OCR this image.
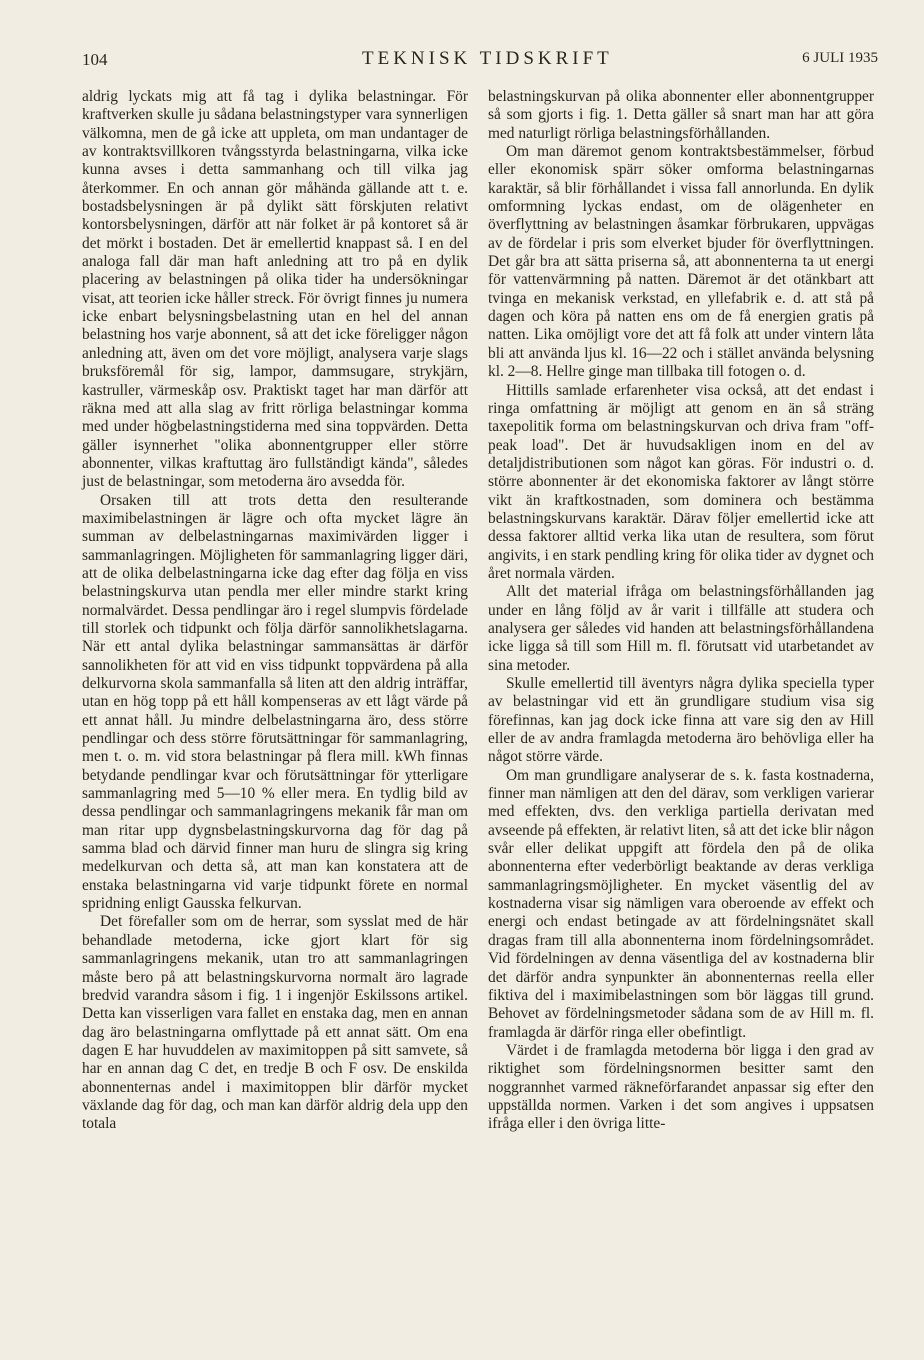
104	TEKNISK TIDSKRIFT	6 JULI 1935

aldrig lyckats mig att få tag i dylika belastningar. För kraftverken skulle ju sådana belastningstyper vara synnerligen välkomna, men de gå icke att uppleta, om man undantager de av kontraktsvillkoren tvångsstyrda belastningarna, vilka icke kunna avses i detta sammanhang och till vilka jag återkommer. En och annan gör måhända gällande att t. e. bostadsbelysningen är på dylikt sätt förskjuten relativt kontorsbelysningen, därför att när folket är på kontoret så är det mörkt i bostaden. Det är emellertid knappast så. I en del analoga fall där man haft anledning att tro på en dylik placering av belastningen på olika tider ha undersökningar visat, att teorien icke håller streck. För övrigt finnes ju numera icke enbart belysningsbelastning utan en hel del annan belastning hos varje abonnent, så att det icke föreligger någon anledning att, även om det vore möjligt, analysera varje slags bruksföremål för sig, lampor, dammsugare, strykjärn, kastruller, värmeskåp osv. Praktiskt taget har man därför att räkna med att alla slag av fritt rörliga belastningar komma med under högbelastningstiderna med sina toppvärden. Detta gäller isynnerhet "olika abonnentgrupper eller större abonnenter, vilkas kraftuttag äro fullständigt kända", således just de belastningar, som metoderna äro avsedda för.

Orsaken till att trots detta den resulterande maximibelastningen är lägre och ofta mycket lägre än summan av delbelastningarnas maximivärden ligger i sammanlagringen. Möjligheten för sammanlagring ligger däri, att de olika delbelastningarna icke dag efter dag följa en viss belastningskurva utan pendla mer eller mindre starkt kring normalvärdet. Dessa pendlingar äro i regel slumpvis fördelade till storlek och tidpunkt och följa därför sannolikhetslagarna. När ett antal dylika belastningar sammansättas är därför sannolikheten för att vid en viss tidpunkt toppvärdena på alla delkurvorna skola sammanfalla så liten att den aldrig inträffar, utan en hög topp på ett håll kompenseras av ett lågt värde på ett annat håll. Ju mindre delbelastningarna äro, dess större pendlingar och dess större förutsättningar för sammanlagring, men t. o. m. vid stora belastningar på flera mill. kWh finnas betydande pendlingar kvar och förutsättningar för ytterligare sammanlagring med 5—10 % eller mera. En tydlig bild av dessa pendlingar och sammanlagringens mekanik får man om man ritar upp dygnsbelastningskurvorna dag för dag på samma blad och därvid finner man huru de slingra sig kring medelkurvan och detta så, att man kan konstatera att de enstaka belastningarna vid varje tidpunkt förete en normal spridning enligt Gausska felkurvan.

Det förefaller som om de herrar, som sysslat med de här behandlade metoderna, icke gjort klart för sig sammanlagringens mekanik, utan tro att sammanlagringen måste bero på att belastningskurvorna normalt äro lagrade bredvid varandra såsom i fig. 1 i ingenjör Eskilssons artikel. Detta kan visserligen vara fallet en enstaka dag, men en annan dag äro belastningarna omflyttade på ett annat sätt. Om ena dagen E har huvuddelen av maximitoppen på sitt samvete, så har en annan dag C det, en tredje B och F osv. De enskilda abonnenternas andel i maximitoppen blir därför mycket växlande dag för dag, och man kan därför aldrig dela upp den totala

belastningskurvan på olika abonnenter eller abonnentgrupper så som gjorts i fig. 1. Detta gäller så snart man har att göra med naturligt rörliga belastningsförhållanden.

Om man däremot genom kontraktsbestämmelser, förbud eller ekonomisk spärr söker omforma belastningarnas karaktär, så blir förhållandet i vissa fall annorlunda. En dylik omformning lyckas endast, om de olägenheter en överflyttning av belastningen åsamkar förbrukaren, uppvägas av de fördelar i pris som elverket bjuder för överflyttningen. Det går bra att sätta priserna så, att abonnenterna ta ut energi för vattenvärmning på natten. Däremot är det otänkbart att tvinga en mekanisk verkstad, en yllefabrik e. d. att stå på dagen och köra på natten ens om de få energien gratis på natten. Lika omöjligt vore det att få folk att under vintern låta bli att använda ljus kl. 16—22 och i stället använda belysning kl. 2—8. Hellre ginge man tillbaka till fotogen o. d.

Hittills samlade erfarenheter visa också, att det endast i ringa omfattning är möjligt att genom en än så sträng taxepolitik forma om belastningskurvan och driva fram "off-peak load". Det är huvudsakligen inom en del av detaljdistributionen som något kan göras. För industri o. d. större abonnenter är det ekonomiska faktorer av långt större vikt än kraftkostnaden, som dominera och bestämma belastningskurvans karaktär. Därav följer emellertid icke att dessa faktorer alltid verka lika utan de resultera, som förut angivits, i en stark pendling kring för olika tider av dygnet och året normala värden.

Allt det material ifråga om belastningsförhållanden jag under en lång följd av år varit i tillfälle att studera och analysera ger således vid handen att belastningsförhållandena icke ligga så till som Hill m. fl. förutsatt vid utarbetandet av sina metoder.

Skulle emellertid till äventyrs några dylika speciella typer av belastningar vid ett än grundligare studium visa sig förefinnas, kan jag dock icke finna att vare sig den av Hill eller de av andra framlagda metoderna äro behövliga eller ha något större värde.

Om man grundligare analyserar de s. k. fasta kostnaderna, finner man nämligen att den del därav, som verkligen varierar med effekten, dvs. den verkliga partiella derivatan med avseende på effekten, är relativt liten, så att det icke blir någon svår eller delikat uppgift att fördela den på de olika abonnenterna efter vederbörligt beaktande av deras verkliga sammanlagringsmöjligheter. En mycket väsentlig del av kostnaderna visar sig nämligen vara oberoende av effekt och energi och endast betingade av att fördelningsnätet skall dragas fram till alla abonnenterna inom fördelningsområdet. Vid fördelningen av denna väsentliga del av kostnaderna blir det därför andra synpunkter än abonnenternas reella eller fiktiva del i maximibelastningen som bör läggas till grund. Behovet av fördelningsmetoder sådana som de av Hill m. fl. framlagda är därför ringa eller obefintligt.

Värdet i de framlagda metoderna bör ligga i den grad av riktighet som fördelningsnormen besitter samt den noggrannhet varmed räkneförfarandet anpassar sig efter den uppställda normen. Varken i det som angives i uppsatsen ifråga eller i den övriga litte-
